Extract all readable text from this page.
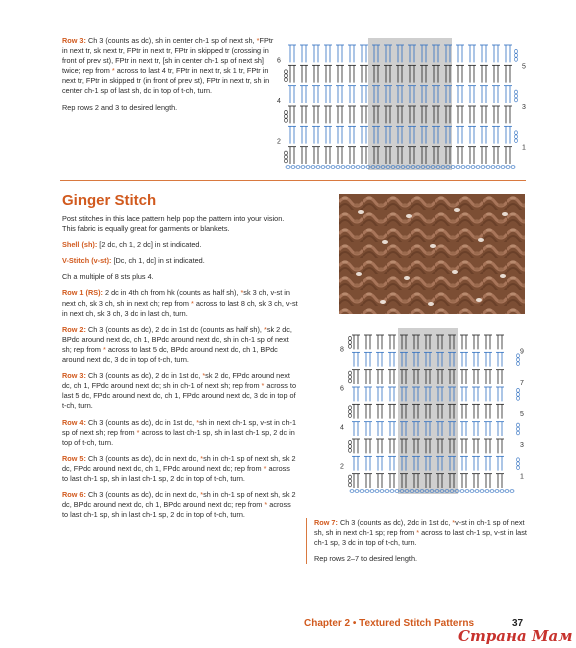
Row 3: Ch 3 (counts as dc), sh in center ch-1 sp of next sh, *FPtr in next tr, sk next tr, FPtr in next tr, FPtr in skipped tr (crossing in front of prev st), FPtr in next tr, [sh in center ch-1 sp of next sh] twice; rep from * across to last 4 tr, FPtr in next tr, sk 1 tr, FPtr in next tr, FPtr in skipped tr (in front of prev st), FPtr in next tr, sh in center ch-1 sp of last sh, dc in top of t-ch, turn.

Rep rows 2 and 3 to desired length.

6
4
2
5
3
1
Ginger Stitch

Post stitches in this lace pattern help pop the pattern into your vision. This fabric is equally great for garments or blankets.

Shell (sh): [2 dc, ch 1, 2 dc] in st indicated.

V-Stitch (v-st): [Dc, ch 1, dc] in st indicated.

Ch a multiple of 8 sts plus 4.

Row 1 (RS): 2 dc in 4th ch from hk (counts as half sh), *sk 3 ch, v-st in next ch, sk 3 ch, sh in next ch; rep from * across to last 8 ch, sk 3 ch, v-st in next ch, sk 3 ch, 3 dc in last ch, turn.

Row 2: Ch 3 (counts as dc), 2 dc in 1st dc (counts as half sh), *sk 2 dc, BPdc around next dc, ch 1, BPdc around next dc, sh in ch-1 sp of next sh; rep from * across to last 5 dc, BPdc around next dc, ch 1, BPdc around next dc, 3 dc in top of t-ch, turn.

Row 3: Ch 3 (counts as dc), 2 dc in 1st dc, *sk 2 dc, FPdc around next dc, ch 1, FPdc around next dc; sh in ch-1 of next sh; rep from * across to last 5 dc, FPdc around next dc, ch 1, FPdc around next dc, 3 dc in top of t-ch, turn.

Row 4: Ch 3 (counts as dc), dc in 1st dc, *sh in next ch-1 sp, v-st in ch-1 sp of next sh; rep from * across to last ch-1 sp, sh in last ch-1 sp, 2 dc in top of t-ch, turn.

Row 5: Ch 3 (counts as dc), dc in next dc, *sh in ch-1 sp of next sh, sk 2 dc, FPdc around next dc, ch 1, FPdc around next dc; rep from * across to last ch-1 sp, sh in last ch-1 sp, 2 dc in top of t-ch, turn.

Row 6: Ch 3 (counts as dc), dc in next dc, *sh in ch-1 sp of next sh, sk 2 dc, BPdc around next dc, ch 1, BPdc around next dc; rep from * across to last ch-1 sp, sh in last ch-1 sp, 2 dc in top of t-ch, turn.

8
6
4
2
9
7
5
3
1

Row 7: Ch 3 (counts as dc), 2dc in 1st dc, *v-st in ch-1 sp of next sh, sh in next ch-1 sp; rep from * across to last ch-1 sp, v-st in last ch-1 sp, 3 dc in top of t-ch, turn.

Rep rows 2–7 to desired length.

Chapter 2 • Textured Stitch Patterns	37
Страна Мам
